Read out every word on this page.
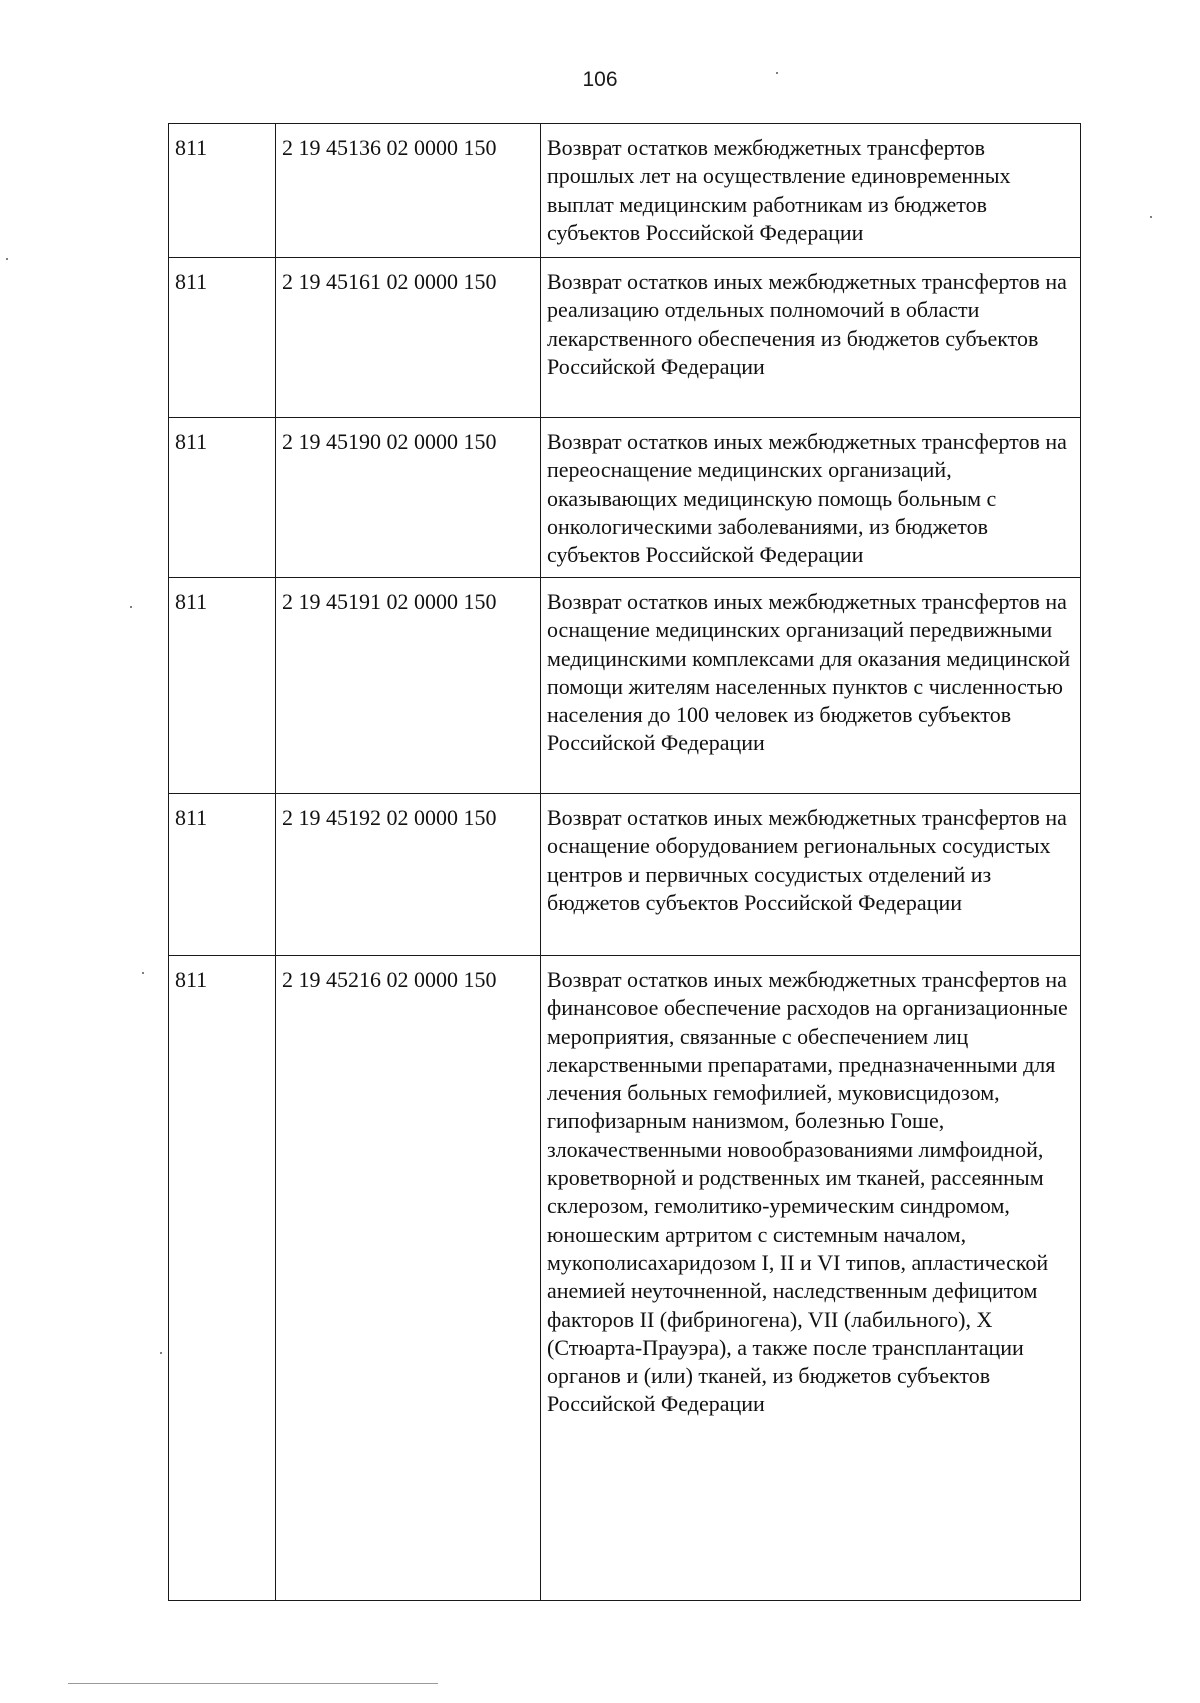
106
811	2 19 45136 02 0000 150	Возврат остатков межбюджетных трансфертов прошлых лет на осуществление единовременных выплат медицинским работникам из бюджетов субъектов Российской Федерации
811	2 19 45161 02 0000 150	Возврат остатков иных межбюджетных трансфертов на реализацию отдельных полномочий в области лекарственного обеспечения из бюджетов субъектов Российской Федерации
811	2 19 45190 02 0000 150	Возврат остатков иных межбюджетных трансфертов на переоснащение медицинских организаций, оказывающих медицинскую помощь больным с онкологическими заболеваниями, из бюджетов субъектов Российской Федерации
811	2 19 45191 02 0000 150	Возврат остатков иных межбюджетных трансфертов на оснащение медицинских организаций передвижными медицинскими комплексами для оказания медицинской помощи жителям населенных пунктов с численностью населения до 100 человек из бюджетов субъектов Российской Федерации
811	2 19 45192 02 0000 150	Возврат остатков иных межбюджетных трансфертов на оснащение оборудованием региональных сосудистых центров и первичных сосудистых отделений из бюджетов субъектов Российской Федерации
811	2 19 45216 02 0000 150	Возврат остатков иных межбюджетных трансфертов на финансовое обеспечение расходов на организационные мероприятия, связанные с обеспечением лиц лекарственными препаратами, предназначенными для лечения больных гемофилией, муковисцидозом, гипофизарным нанизмом, болезнью Гоше, злокачественными новообразованиями лимфоидной, кроветворной и родственных им тканей, рассеянным склерозом, гемолитико-уремическим синдромом, юношеским артритом с системным началом, мукополисахаридозом I, II и VI типов, апластической анемией неуточненной, наследственным дефицитом факторов II (фибриногена), VII (лабильного), X (Стюарта-Прауэра), а также после трансплантации органов и (или) тканей, из бюджетов субъектов Российской Федерации
